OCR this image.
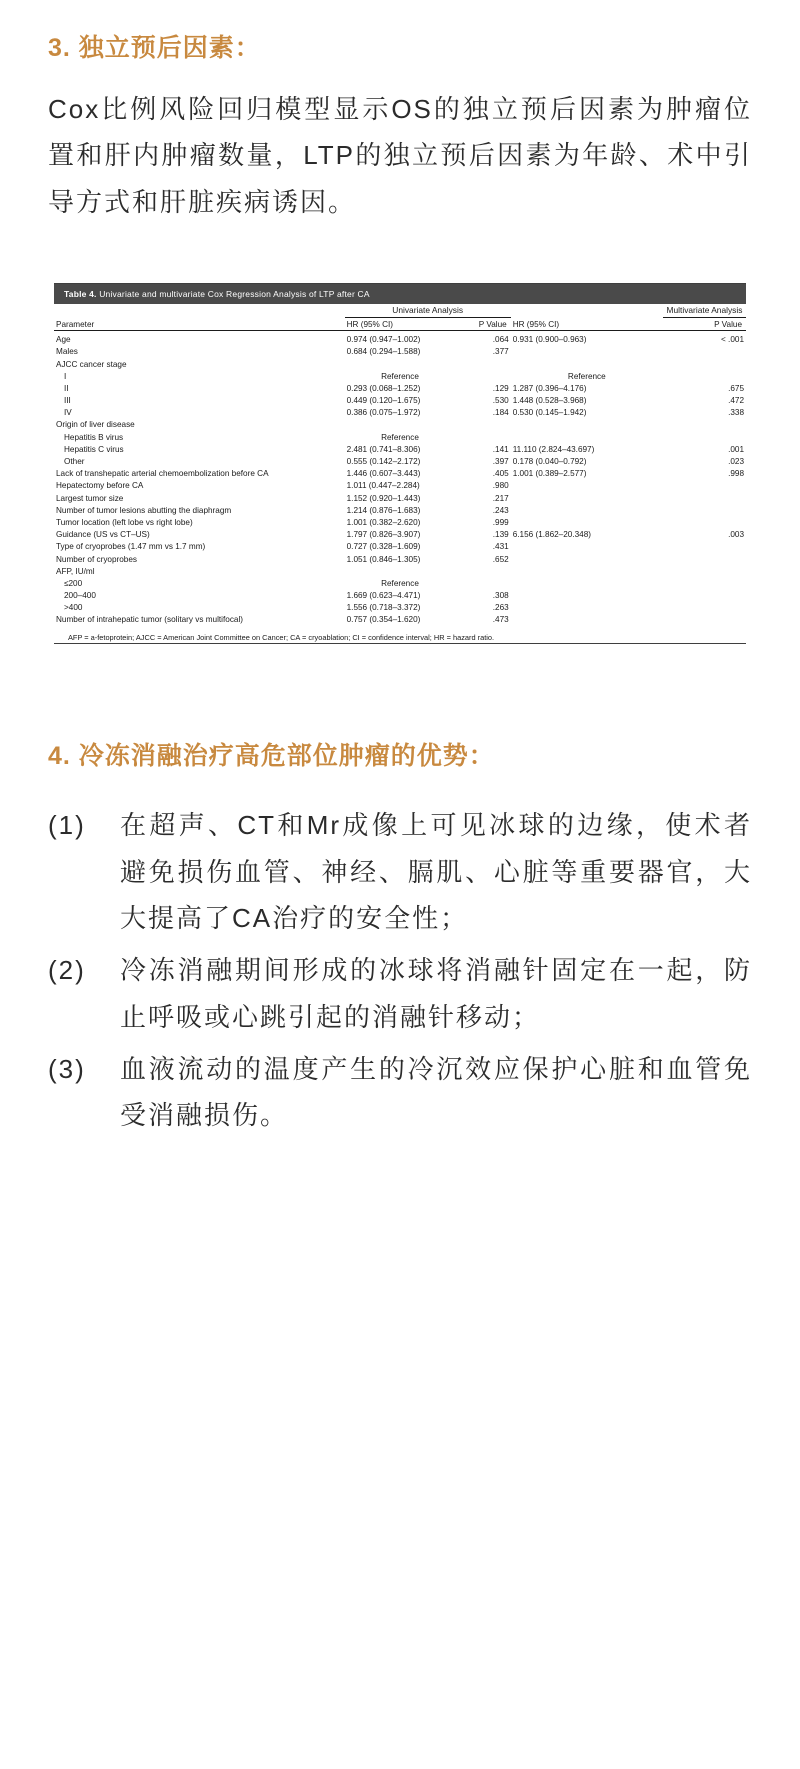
3. 独立预后因素：

Cox比例风险回归模型显示OS的独立预后因素为肿瘤位置和肝内肿瘤数量，LTP的独立预后因素为年龄、术中引导方式和肝脏疾病诱因。

Table 4. Univariate and multivariate Cox Regression Analysis of LTP after CA
	Univariate Analysis			Multivariate Analysis
Parameter	HR (95% CI)	P Value	HR (95% CI)	P Value
Age	0.974 (0.947–1.002)	.064	0.931 (0.900–0.963)	< .001
Males	0.684 (0.294–1.588)	.377		
AJCC cancer stage				
I	Reference		Reference	
II	0.293 (0.068–1.252)	.129	1.287 (0.396–4.176)	.675
III	0.449 (0.120–1.675)	.530	1.448 (0.528–3.968)	.472
IV	0.386 (0.075–1.972)	.184	0.530 (0.145–1.942)	.338
Origin of liver disease				
Hepatitis B virus	Reference			
Hepatitis C virus	2.481 (0.741–8.306)	.141	11.110 (2.824–43.697)	.001
Other	0.555 (0.142–2.172)	.397	0.178 (0.040–0.792)	.023
Lack of transhepatic arterial chemoembolization before CA	1.446 (0.607–3.443)	.405	1.001 (0.389–2.577)	.998
Hepatectomy before CA	1.011 (0.447–2.284)	.980		
Largest tumor size	1.152 (0.920–1.443)	.217		
Number of tumor lesions abutting the diaphragm	1.214 (0.876–1.683)	.243		
Tumor location (left lobe vs right lobe)	1.001 (0.382–2.620)	.999		
Guidance (US vs CT–US)	1.797 (0.826–3.907)	.139	6.156 (1.862–20.348)	.003
Type of cryoprobes (1.47 mm vs 1.7 mm)	0.727 (0.328–1.609)	.431		
Number of cryoprobes	1.051 (0.846–1.305)	.652		
AFP, IU/ml				
≤200	Reference			
200–400	1.669 (0.623–4.471)	.308		
>400	1.556 (0.718–3.372)	.263		
Number of intrahepatic tumor (solitary vs multifocal)	0.757 (0.354–1.620)	.473		
AFP = a-fetoprotein; AJCC = American Joint Committee on Cancer; CA = cryoablation; CI = confidence interval; HR = hazard ratio.
4. 冷冻消融治疗高危部位肿瘤的优势：
(1)	在超声、CT和Mr成像上可见冰球的边缘，使术者避免损伤血管、神经、膈肌、心脏等重要器官，大大提高了CA治疗的安全性；
(2)	冷冻消融期间形成的冰球将消融针固定在一起，防止呼吸或心跳引起的消融针移动；
(3)	血液流动的温度产生的冷沉效应保护心脏和血管免受消融损伤。
